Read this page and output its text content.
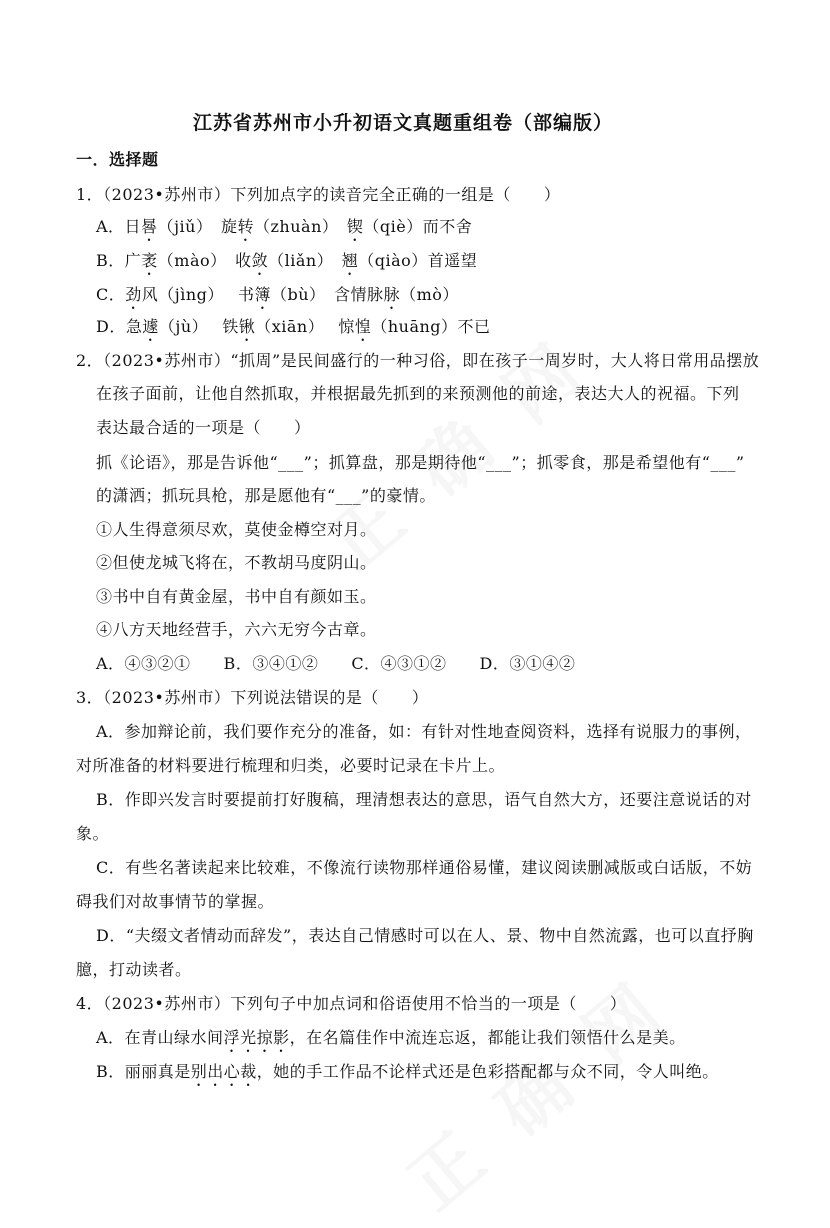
江苏省苏州市小升初语文真题重组卷（部编版）
一．选择题
1．（2023•苏州市）下列加点字的读音完全正确的一组是（　　）
A．日晷（jiǔ）　旋转（zhuàn）　锲（qiè）而不舍
B．广袤（mào）　收敛（liǎn）　翘（qiào）首遥望
C．劲风（jìng）　 书簿（bù）　含情脉脉（mò）
D．急遽（jù）　 铁锹（xiān）　 惊惶（huāng）不已
2．（2023•苏州市）“抓周”是民间盛行的一种习俗，即在孩子一周岁时，大人将日常用品摆放
在孩子面前，让他自然抓取，并根据最先抓到的来预测他的前途，表达大人的祝福。下列
表达最合适的一项是（　　）
抓《论语》，那是告诉他“___”；抓算盘，那是期待他“___”；抓零食，那是希望他有“___”
的潇洒；抓玩具枪，那是愿他有“___”的豪情。
①人生得意须尽欢，莫使金樽空对月。
②但使龙城飞将在，不教胡马度阴山。
③书中自有黄金屋，书中自有颜如玉。
④八方天地经营手，六六无穷今古章。
A．④③②①　　B．③④①②　　C．④③①②　　D．③①④②
3．（2023•苏州市）下列说法错误的是（　　）
A．参加辩论前，我们要作充分的准备，如：有针对性地查阅资料，选择有说服力的事例，
对所准备的材料要进行梳理和归类，必要时记录在卡片上。
B．作即兴发言时要提前打好腹稿，理清想表达的意思，语气自然大方，还要注意说话的对
象。
C．有些名著读起来比较难，不像流行读物那样通俗易懂，建议阅读删减版或白话版，不妨
碍我们对故事情节的掌握。
D．“夫缀文者情动而辞发”，表达自己情感时可以在人、景、物中自然流露，也可以直抒胸
臆，打动读者。
4．（2023•苏州市）下列句子中加点词和俗语使用不恰当的一项是（　　）
A．在青山绿水间浮光掠影，在名篇佳作中流连忘返，都能让我们领悟什么是美。
B．丽丽真是别出心裁，她的手工作品不论样式还是色彩搭配都与众不同，令人叫绝。
